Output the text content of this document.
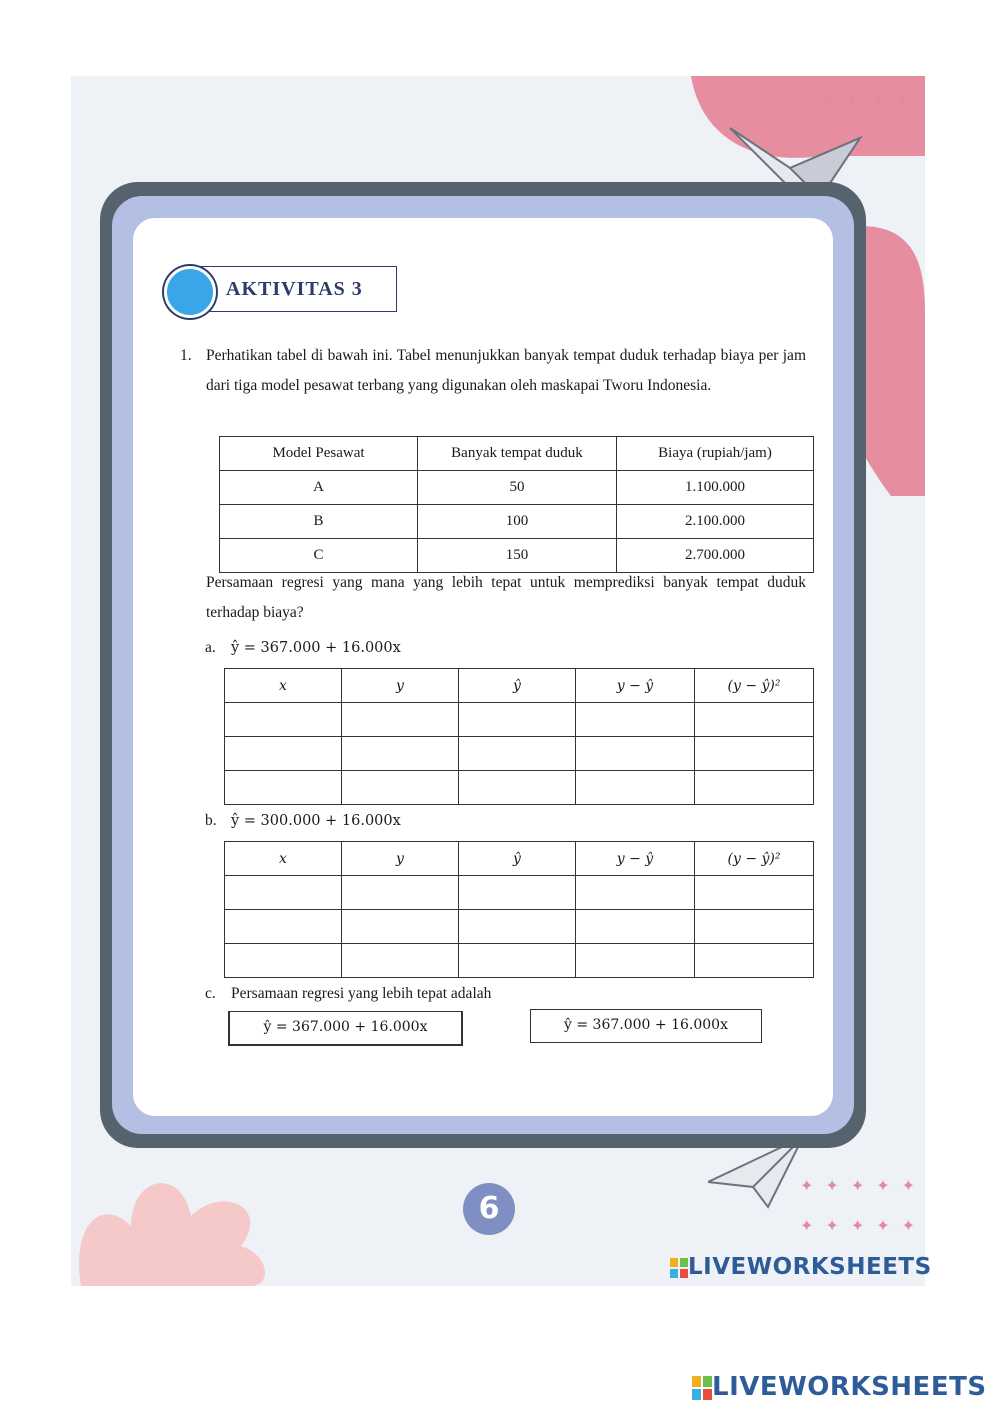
✦✦✦✦
✦✦✦✦✦
✦✦✦✦✦
AKTIVITAS 3
1. Perhatikan tabel di bawah ini. Tabel menunjukkan banyak tempat duduk terhadap biaya per jam dari tiga model pesawat terbang yang digunakan oleh maskapai Tworu Indonesia.
Model Pesawat	Banyak tempat duduk	Biaya (rupiah/jam)
A	50	1.100.000
B	100	2.100.000
C	150	2.700.000
Persamaan regresi yang mana yang lebih tepat untuk memprediksi banyak tempat duduk terhadap biaya?
a. ŷ = 367.000 + 16.000x
x	y	ŷ	y − ŷ	(y − ŷ)²

b. ŷ = 300.000 + 16.000x
x	y	ŷ	y − ŷ	(y − ŷ)²

c. Persamaan regresi yang lebih tepat adalah
ŷ = 367.000 + 16.000x	ŷ = 367.000 + 16.000x
6
LIVEWORKSHEETS
LIVEWORKSHEETS
